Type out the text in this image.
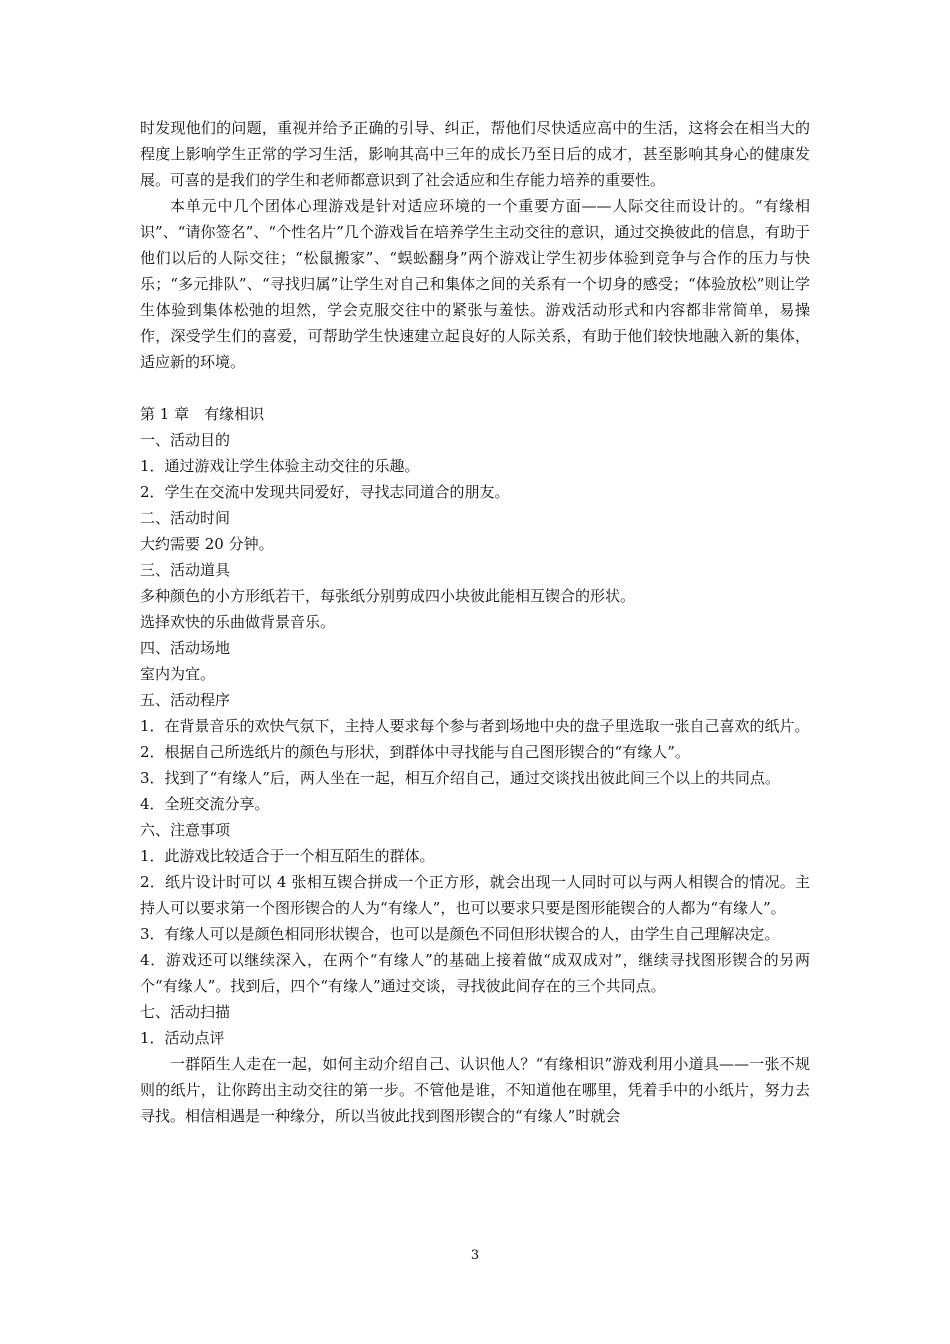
时发现他们的问题，重视并给予正确的引导、纠正，帮他们尽快适应高中的生活，这将会在相当大的程度上影响学生正常的学习生活，影响其高中三年的成长乃至日后的成才，甚至影响其身心的健康发展。可喜的是我们的学生和老师都意识到了社会适应和生存能力培养的重要性。

本单元中几个团体心理游戏是针对适应环境的一个重要方面——人际交往而设计的。“有缘相识”、“请你签名”、“个性名片”几个游戏旨在培养学生主动交往的意识，通过交换彼此的信息，有助于他们以后的人际交往；“松鼠搬家”、“蜈蚣翻身”两个游戏让学生初步体验到竞争与合作的压力与快乐；“多元排队”、“寻找归属”让学生对自己和集体之间的关系有一个切身的感受；“体验放松”则让学生体验到集体松弛的坦然，学会克服交往中的紧张与羞怯。游戏活动形式和内容都非常简单，易操作，深受学生们的喜爱，可帮助学生快速建立起良好的人际关系，有助于他们较快地融入新的集体，适应新的环境。

第 1 章　有缘相识

一、活动目的

1．通过游戏让学生体验主动交往的乐趣。

2．学生在交流中发现共同爱好，寻找志同道合的朋友。

二、活动时间

大约需要 20 分钟。

三、活动道具

多种颜色的小方形纸若干，每张纸分别剪成四小块彼此能相互锲合的形状。

选择欢快的乐曲做背景音乐。

四、活动场地

室内为宜。

五、活动程序

1．在背景音乐的欢快气氛下，主持人要求每个参与者到场地中央的盘子里选取一张自己喜欢的纸片。

2．根据自己所选纸片的颜色与形状，到群体中寻找能与自己图形锲合的“有缘人”。

3．找到了“有缘人”后，两人坐在一起，相互介绍自己，通过交谈找出彼此间三个以上的共同点。

4．全班交流分享。

六、注意事项

1．此游戏比较适合于一个相互陌生的群体。

2．纸片设计时可以 4 张相互锲合拼成一个正方形，就会出现一人同时可以与两人相锲合的情况。主持人可以要求第一个图形锲合的人为“有缘人”，也可以要求只要是图形能锲合的人都为“有缘人”。

3．有缘人可以是颜色相同形状锲合，也可以是颜色不同但形状锲合的人，由学生自己理解决定。

4．游戏还可以继续深入，在两个“有缘人”的基础上接着做“成双成对”，继续寻找图形锲合的另两个“有缘人”。找到后，四个“有缘人”通过交谈，寻找彼此间存在的三个共同点。

七、活动扫描

1．活动点评

一群陌生人走在一起，如何主动介绍自己、认识他人？“有缘相识”游戏利用小道具——一张不规则的纸片，让你跨出主动交往的第一步。不管他是谁，不知道他在哪里，凭着手中的小纸片，努力去寻找。相信相遇是一种缘分，所以当彼此找到图形锲合的“有缘人”时就会

3
